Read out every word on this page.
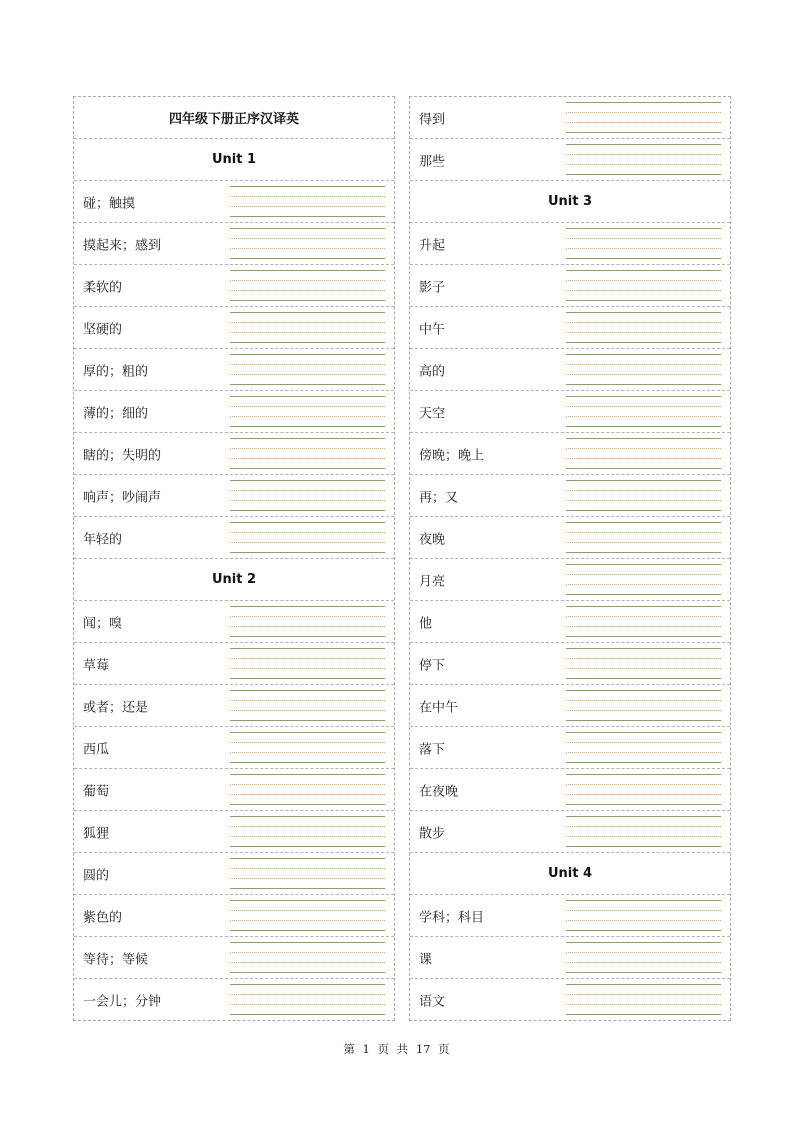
四年级下册正序汉译英
Unit 1
碰；触摸
摸起来；感到
柔软的
坚硬的
厚的；粗的
薄的；细的
瞎的；失明的
响声；吵闹声
年轻的
Unit 2
闻；嗅
草莓
或者；还是
西瓜
葡萄
狐狸
圆的
紫色的
等待；等候
一会儿；分钟
得到
那些
Unit 3
升起
影子
中午
高的
天空
傍晚；晚上
再；又
夜晚
月亮
他
停下
在中午
落下
在夜晚
散步
Unit 4
学科；科目
课
语文
第 1 页 共 17 页
